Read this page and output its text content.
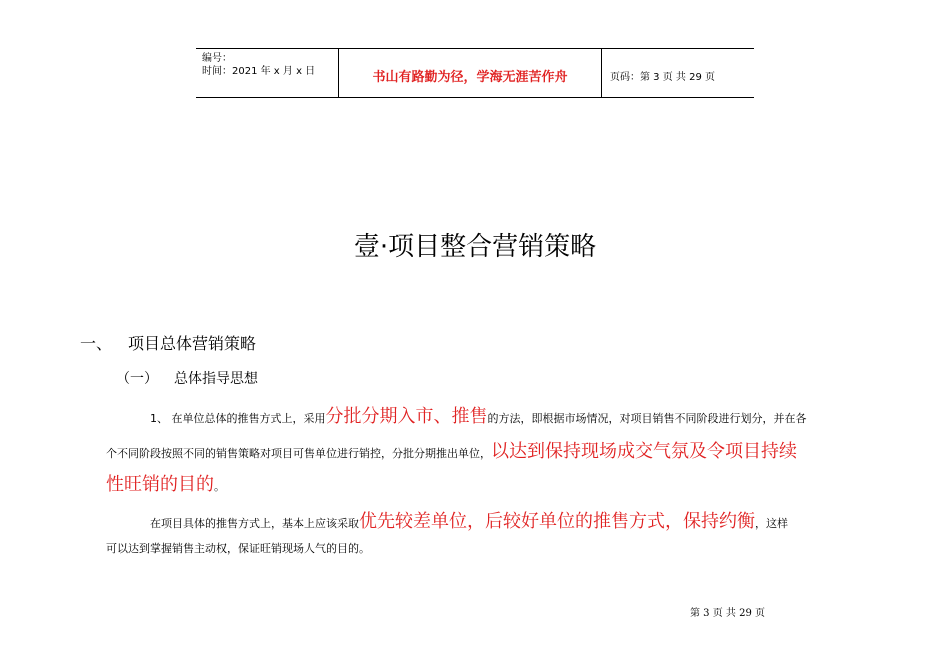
编号：
时间：2021 年 x 月 x 日	书山有路勤为径，学海无涯苦作舟	页码：第 3 页 共 29 页
壹·项目整合营销策略
一、 项目总体营销策略
（一） 总体指导思想
1、 在单位总体的推售方式上，采用分批分期入市、推售的方法，即根据市场情况，对项目销售不同阶段进行划分，并在各
个不同阶段按照不同的销售策略对项目可售单位进行销控，分批分期推出单位，以达到保持现场成交气氛及令项目持续
性旺销的目的。
在项目具体的推售方式上，基本上应该采取优先较差单位，后较好单位的推售方式，保持约衡，这样
可以达到掌握销售主动权，保证旺销现场人气的目的。
第 3 页 共 29 页
